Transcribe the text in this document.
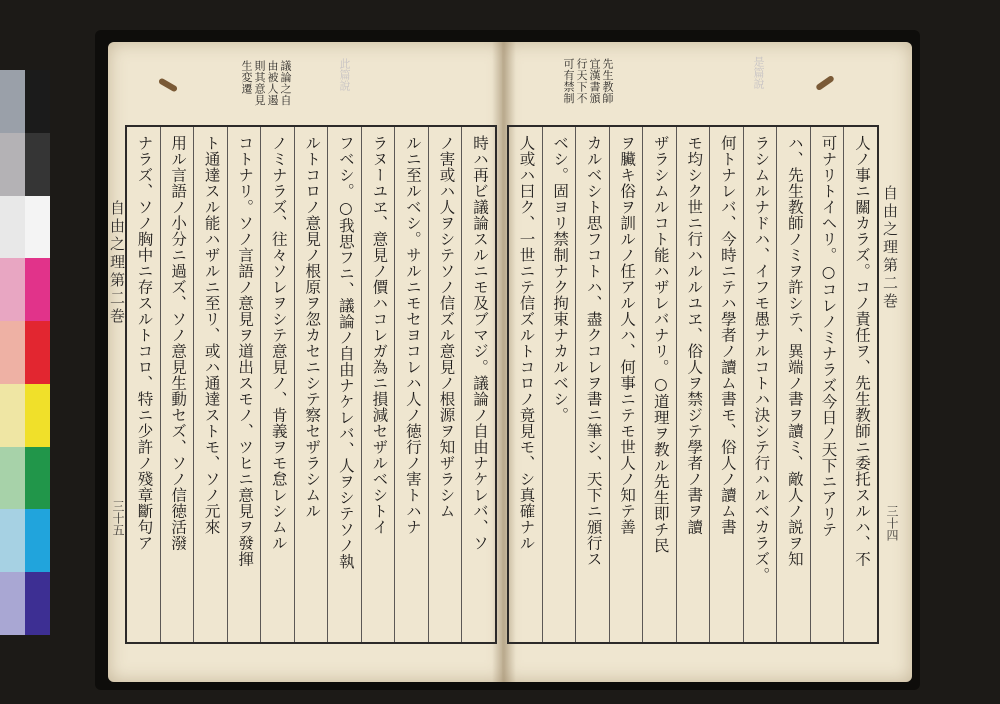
此篇說	是篇說
議論之自
由被人遏
則其意見
生変遷	先生教師
宜漢書頒
行天下不
可有禁制
自由之理第二巻
三十五
自由之理第二巻
三十四
時ハ再ビ議論スルニモ及ブマジ。議論ノ自由ナケレバ、ソ
ノ害或ハ人ヲシテソノ信ズル意見ノ根源ヲ知ザラシム
ルニ至ルベシ。サルニモセヨコレハ人ノ徳行ノ害トハナ
ラヌーユヱ、意見ノ價ハコレガ為ニ損減セザルベシトイ
フベシ。○我思フニ、議論ノ自由ナケレバ、人ヲシテソノ執
ルトコロノ意見ノ根原ヲ忽カセニシテ察セザラシムル
ノミナラズ、往々ソレヲシテ意見ノ、肯義ヲモ怠レシムル
コトナリ。ソノ言語ノ意見ヲ道出スモノ、ツヒニ意見ヲ發揮
ト通達スル能ハザルニ至リ、或ハ通達ストモ、ソノ元來
用ル言語ノ小分ニ過ズ、ソノ意見生動セズ、ソノ信徳活潑
ナラズ、ソノ胸中ニ存スルトコロ、特ニ少許ノ殘章斷句ア	人ノ事ニ關カラズ。コノ責任ヲ、先生教師ニ委托スルハ、不
可ナリトイヘリ。○コレノミナラズ今日ノ天下ニアリテ
ハ、先生教師ノミヲ許シテ、異端ノ書ヲ讀ミ、敵人ノ説ヲ知
ラシムルナドハ、イフモ愚ナルコトハ決シテ行ハルベカラズ。
何トナレバ、今時ニテハ學者ノ讀ム書モ、俗人ノ讀ム書
モ均シク世ニ行ハルルユヱ、俗人ヲ禁ジテ學者ノ書ヲ讀
ザラシムルコト能ハザレバナリ。○道理ヲ教ル先生即チ民
ヲ臟キ俗ヲ訓ルノ任アル人ハ、何事ニテモ世人ノ知テ善
カルベシト思フコトハ、盡クコレヲ書ニ筆シ、天下ニ頒行ス
ベシ。固ヨリ禁制ナク拘束ナカルベシ。
人或ハ曰ク、一世ニテ信ズルトコロノ竟見モ、シ真確ナル
